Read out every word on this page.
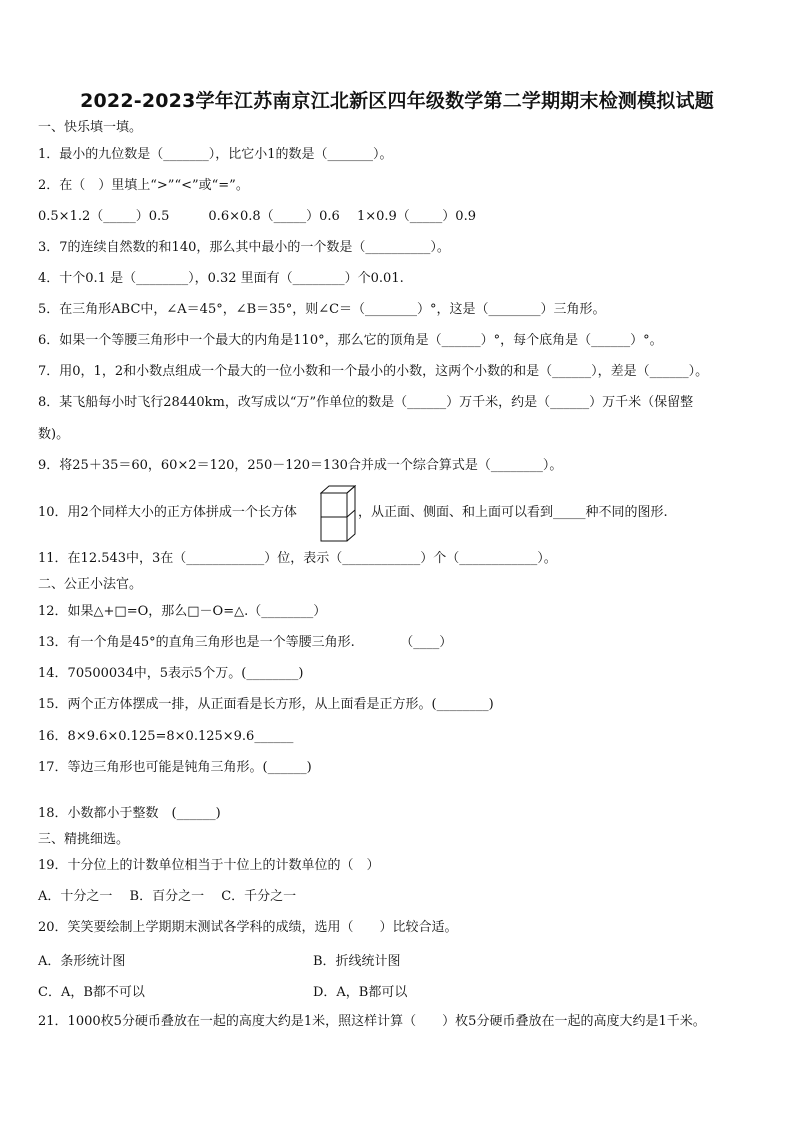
2022-2023学年江苏南京江北新区四年级数学第二学期期末检测模拟试题
一、快乐填一填。
1．最小的九位数是（_______），比它小1的数是（_______）。
2．在（　）里填上“>”“<”或“=”。
0.5×1.2（_____）0.5　　　0.6×0.8（_____）0.6　 1×0.9（_____）0.9
3．7的连续自然数的和140，那么其中最小的一个数是（__________）。
4．十个0.1 是（________），0.32 里面有（________）个0.01.
5．在三角形ABC中，∠A＝45°，∠B＝35°，则∠C＝（________）°，这是（________）三角形。
6．如果一个等腰三角形中一个最大的内角是110°，那么它的顶角是（______）°，每个底角是（______）°。
7．用0，1，2和小数点组成一个最大的一位小数和一个最小的小数，这两个小数的和是（______），差是（______）。
8．某飞船每小时飞行28440km，改写成以“万”作单位的数是（______）万千米，约是（______）万千米（保留整
数)。
9．将25＋35＝60，60×2＝120，250－120＝130合并成一个综合算式是（________）。
10．用2个同样大小的正方体拼成一个长方体	，从正面、侧面、和上面可以看到_____种不同的图形.
11．在12.543中，3在（____________）位，表示（____________）个（____________）。
二、公正小法官。
12．如果△+□=O，那么□－O=△.（________）
13．有一个角是45°的直角三角形也是一个等腰三角形.　　　　（____）
14．70500034中，5表示5个万。(________)
15．两个正方体摆成一排，从正面看是长方形，从上面看是正方形。(________)
16．8×9.6×0.125=8×0.125×9.6______
17．等边三角形也可能是钝角三角形。(______)
18．小数都小于整数　(______)
三、精挑细选。
19．十分位上的计数单位相当于十位上的计数单位的（　）
A．十分之一　 B．百分之一　 C．千分之一
20．笑笑要绘制上学期期末测试各学科的成绩，选用（　　）比较合适。
A．条形统计图	B．折线统计图
C．A，B都不可以	D．A，B都可以
21．1000枚5分硬币叠放在一起的高度大约是1米，照这样计算（　　）枚5分硬币叠放在一起的高度大约是1千米。
